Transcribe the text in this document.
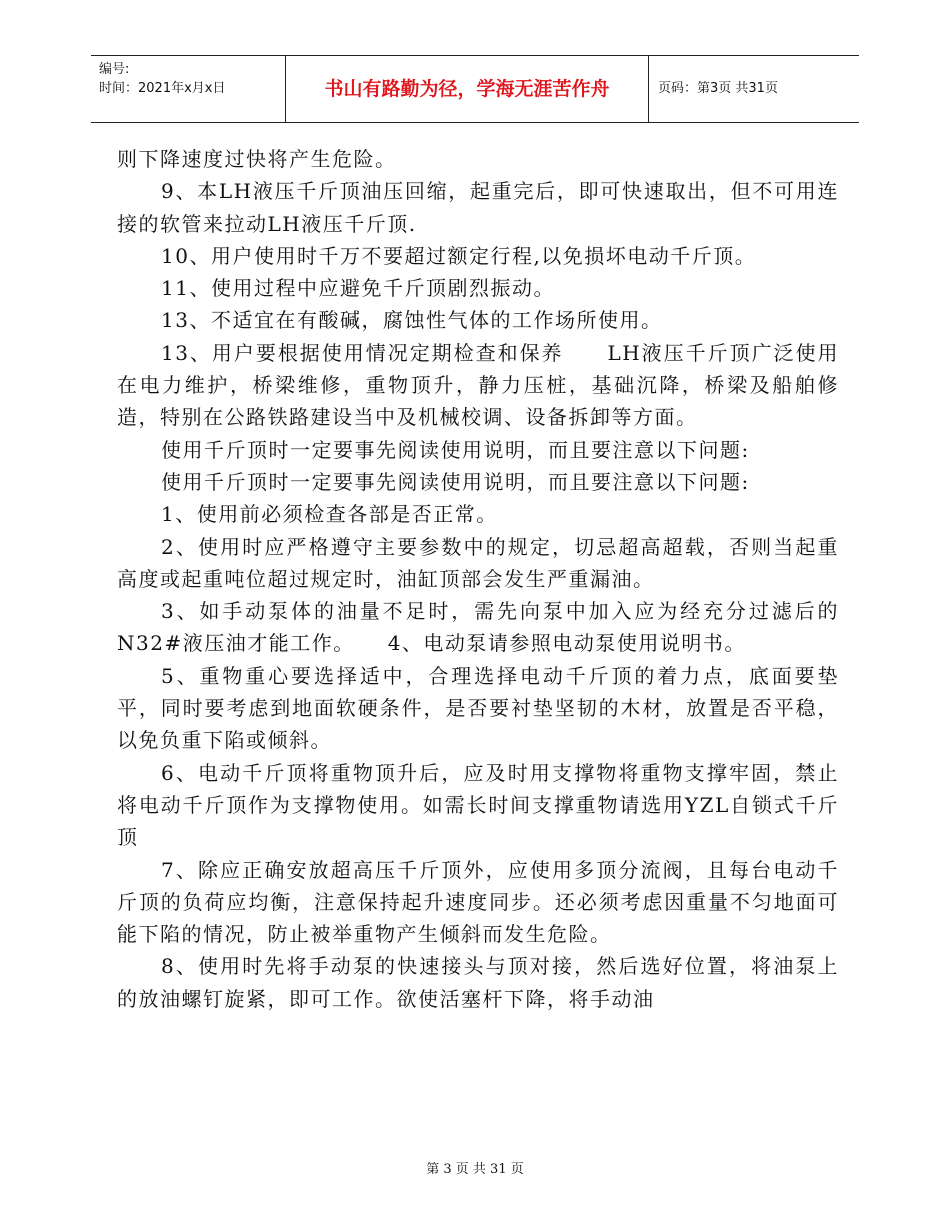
编号:
时间：2021年x月x日	书山有路勤为径，学海无涯苦作舟	页码：第3页 共31页

则下降速度过快将产生危险。

9、本LH液压千斤顶油压回缩，起重完后，即可快速取出，但不可用连接的软管来拉动LH液压千斤顶.

10、用户使用时千万不要超过额定行程,以免损坏电动千斤顶。

11、使用过程中应避免千斤顶剧烈振动。

13、不适宜在有酸碱，腐蚀性气体的工作场所使用。

13、用户要根据使用情况定期检查和保养　　LH液压千斤顶广泛使用在电力维护，桥梁维修，重物顶升，静力压桩，基础沉降，桥梁及船舶修造，特别在公路铁路建设当中及机械校调、设备拆卸等方面。

使用千斤顶时一定要事先阅读使用说明，而且要注意以下问题:

使用千斤顶时一定要事先阅读使用说明，而且要注意以下问题:

1、使用前必须检查各部是否正常。

2、使用时应严格遵守主要参数中的规定，切忌超高超载，否则当起重高度或起重吨位超过规定时，油缸顶部会发生严重漏油。

3、如手动泵体的油量不足时，需先向泵中加入应为经充分过滤后的N32#液压油才能工作。　　4、电动泵请参照电动泵使用说明书。

5、重物重心要选择适中，合理选择电动千斤顶的着力点，底面要垫平，同时要考虑到地面软硬条件，是否要衬垫坚韧的木材，放置是否平稳，以免负重下陷或倾斜。

6、电动千斤顶将重物顶升后，应及时用支撑物将重物支撑牢固，禁止将电动千斤顶作为支撑物使用。如需长时间支撑重物请选用YZL自锁式千斤顶

7、除应正确安放超高压千斤顶外，应使用多顶分流阀，且每台电动千斤顶的负荷应均衡，注意保持起升速度同步。还必须考虑因重量不匀地面可能下陷的情况，防止被举重物产生倾斜而发生危险。

8、使用时先将手动泵的快速接头与顶对接，然后选好位置，将油泵上的放油螺钉旋紧，即可工作。欲使活塞杆下降，将手动油

第 3 页 共 31 页
